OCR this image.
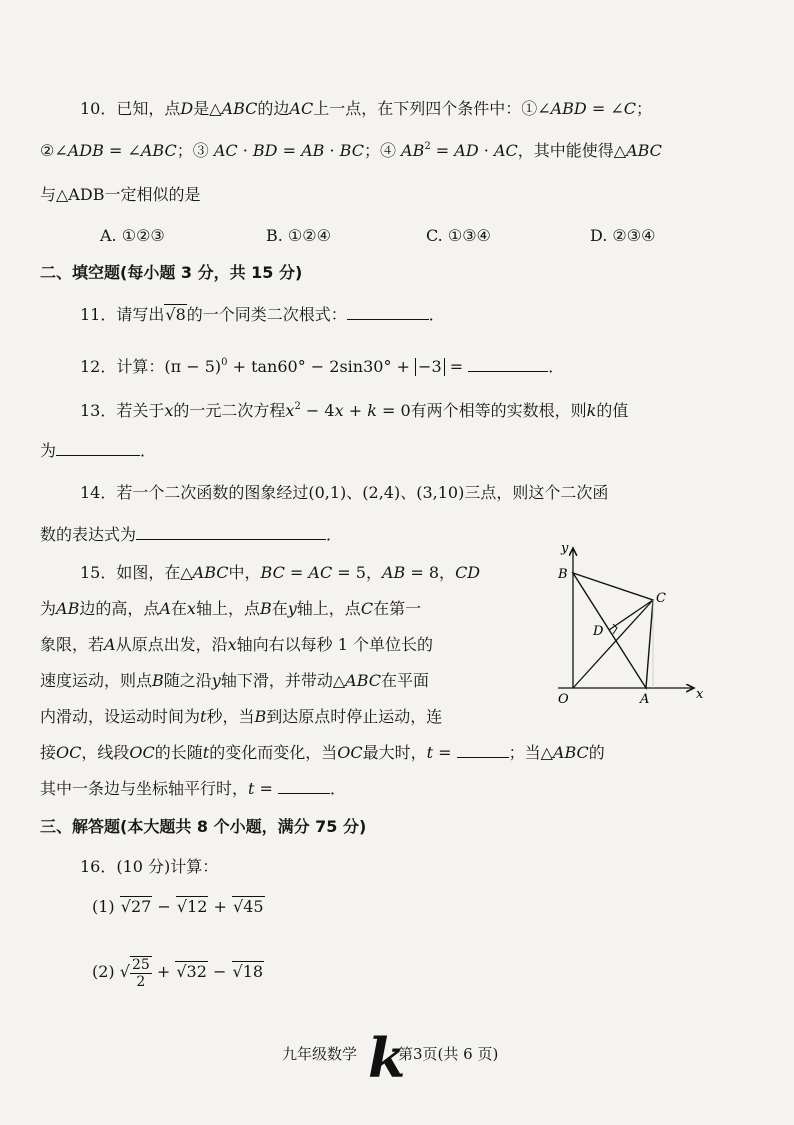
10．已知，点D是△ABC的边AC上一点，在下列四个条件中：①∠ABD = ∠C；
②∠ADB = ∠ABC；③ AC · BD = AB · BC；④ $AB^2$ = AD · AC，其中能使得△ABC
与△ADB一定相似的是
A. ①②③	B. ①②④	C. ①③④	D. ②③④
二、填空题(每小题 3 分，共 15 分)
11．请写出√8的一个同类二次根式：	．
12．计算：$(\pi - 5)^0 + \tan 60^\circ - 2\sin 30^\circ + -3$ =	．
13．若关于x的一元二次方程$x^2 - 4x + k = 0$有两个相等的实数根，则k的值
为	．
14．若一个二次函数的图象经过(0,1)、(2,4)、(3,10)三点，则这个二次函
数的表达式为	．
15．如图，在△ABC中，BC = AC = 5，AB = 8，CD
为AB边的高，点A在x轴上，点B在y轴上，点C在第一
象限，若A从原点出发，沿x轴向右以每秒 1 个单位长的
速度运动，则点B随之沿y轴下滑，并带动△ABC在平面
内滑动，设运动时间为t秒，当B到达原点时停止运动，连
接OC，线段OC的长随t的变化而变化，当OC最大时，t =	；当△ABC的
其中一条边与坐标轴平行时，t =	．
y
x
O	A
B
C
D
三、解答题(本大题共 8 个小题，满分 75 分)
16．(10 分)计算：
(1) √27 − √12 + √45
(2) √ $\frac{25}{2} + √32 - √18$
九年级数学 k
第3页(共 6 页)
